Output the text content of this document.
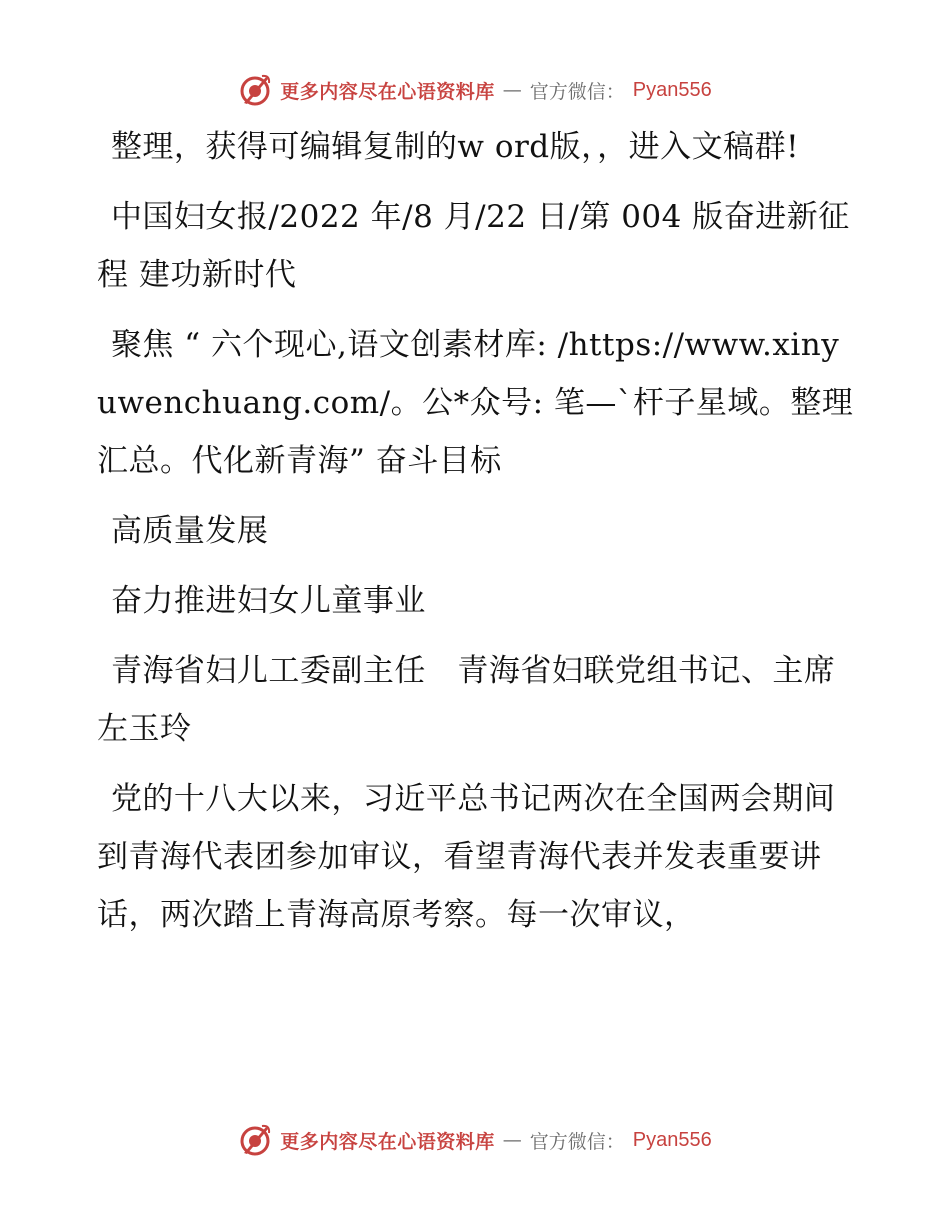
更多内容尽在心语资料库 — 官方微信： Pyan556

整理，获得可编辑复制的w ord版，，进入文稿群!

中国妇女报/2022 年/8 月/22 日/第 004 版奋进新征程 建功新时代

聚焦 “ 六个现心,语文创素材库: /https://www.xinyuwenchuang.com/。公*众号: 笔—`杆子星域。整理汇总。代化新青海” 奋斗目标

高质量发展

奋力推进妇女儿童事业

青海省妇儿工委副主任　青海省妇联党组书记、主席　左玉玲

党的十八大以来，习近平总书记两次在全国两会期间到青海代表团参加审议，看望青海代表并发表重要讲话，两次踏上青海高原考察。每一次审议，

更多内容尽在心语资料库 — 官方微信： Pyan556
